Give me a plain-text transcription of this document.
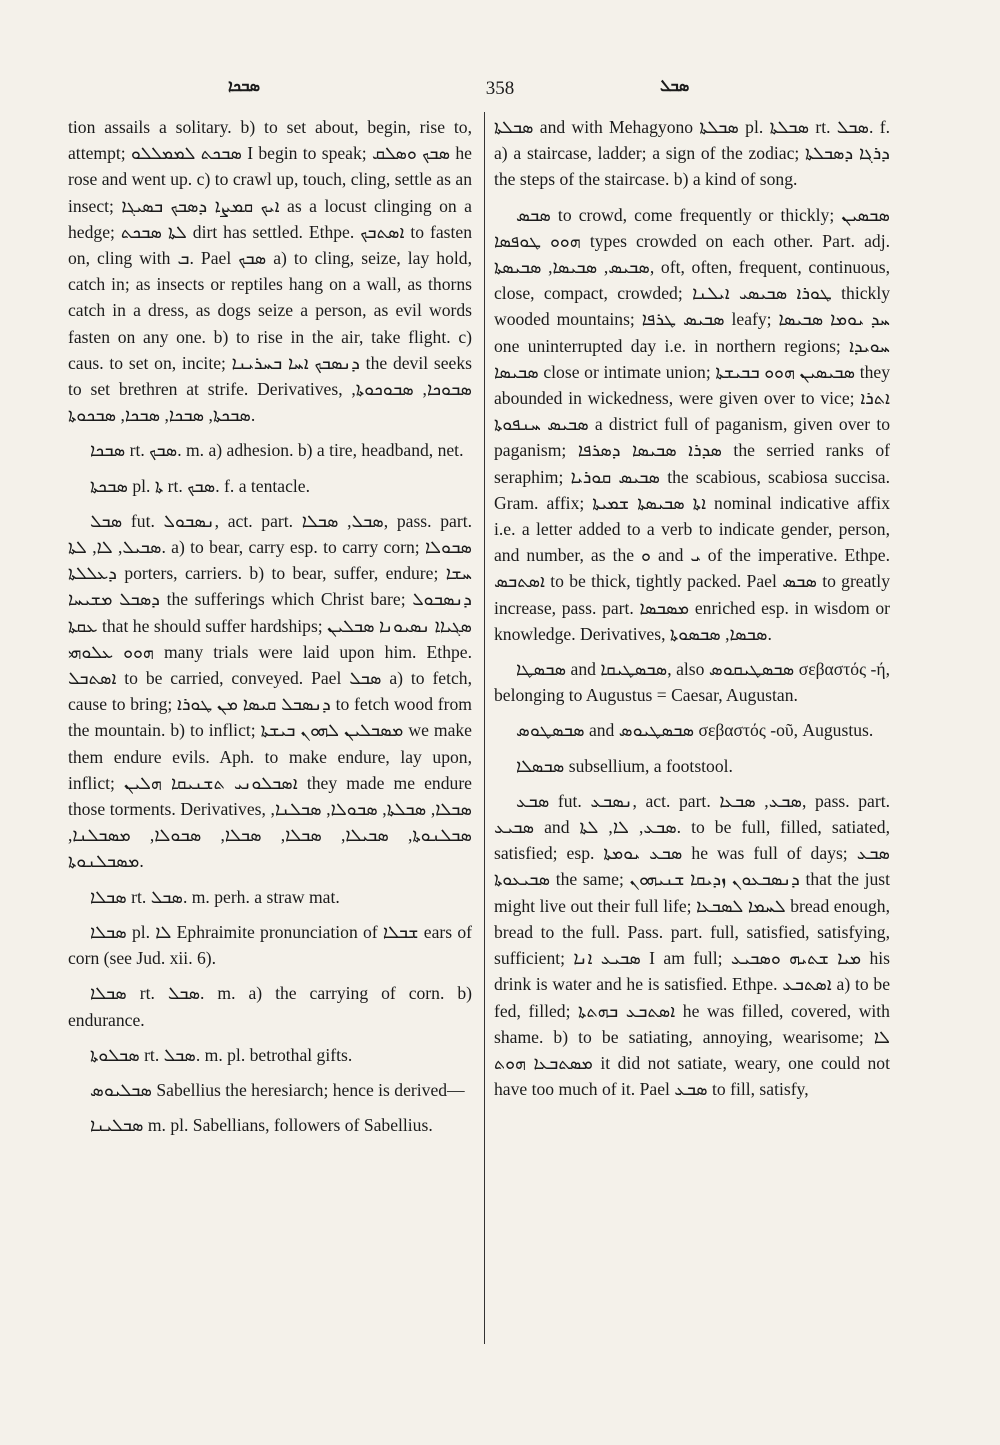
ܣܒܟܐ	358	ܣܒܠ

tion assails a solitary. b) to set about, begin, rise to, attempt; ܣܒܟܬ ܠܡܡܠܠܘ I begin to speak; ܣܒܟ ܘܣܠܩ he rose and went up. c) to crawl up, touch, cling, settle as an insect; ܐܝܟ ܩܡܨܐ ܕܣܒܟ ܒܣܝܓܐ as a locust clinging on a hedge; ܠܬܐ ܣܒܟܬ dirt has settled. Ethpe. ܐܣܬܒܟ to fasten on, cling with ܒ. Pael ܣܒܟ a) to cling, seize, lay hold, catch in; as insects or reptiles hang on a wall, as thorns catch in a dress, as dogs seize a person, as evil words fasten on any one. b) to rise in the air, take flight. c) caus. to set on, incite; ܕܢܣܒܟ ܐܚܐ ܒܚܪܝܢܐ the devil seeks to set brethren at strife. Derivatives, ܣܒܘܟܐ, ܣܒܘܟܘܬܐ, ܣܒܟܬܐ, ܣܒܟܐ, ܣܒܟܐ, ܣܒܟܘܬܐ.

ܣܒܟܐ rt. ܣܒܟ. m. a) adhesion. b) a tire, headband, net.

ܣܒܟܬܐ pl. ܬܐ rt. ܣܒܟ. f. a tentacle.

ܣܒܠ fut. ܢܣܒܘܠ, act. part. ܣܒܠ, ܣܒܠܐ, pass. part. ܣܒܝܠ, ܠܐ, ܠܬܐ. a) to bear, carry esp. to carry corn; ܣܒܘܠܐ ܕܥܠܠܬܐ porters, carriers. b) to bear, suffer, endure; ܚܫܐ ܕܣܒܠ ܡܫܝܚܐ the sufferings which Christ bare; ܕܢܣܒܘܠ ܥܩܬܐ that he should suffer hardships; ܣܓܝܐܐ ܢܣܝܘܢܐ ܣܒܠܝܢ ܗܘܘ ܥܠܘܗܝ many trials were laid upon him. Ethpe. ܐܣܬܒܠ to be carried, conveyed. Pael ܣܒܠ a) to fetch, cause to bring; ܕܢܣܒܠ ܩܝܣܐ ܡܢ ܛܘܪܐ to fetch wood from the mountain. b) to inflict; ܡܣܒܠܝܢ ܠܗܘܢ ܒܝܫܬܐ we make them endure evils. Aph. to make endure, lay upon, inflict; ܐܣܒܠܘܢܝ ܬܫܢܝܩܐ ܗܠܝܢ they made me endure those torments. Derivatives, ܣܒܠܐ, ܣܒܠܬܐ, ܣܒܘܠܐ, ܣܒܠܢܐ, ܣܒܠܢܘܬܐ, ܣܒܝܠܐ, ܣܒܠܐ, ܣܒܠܐ, ܣܒܘܠܐ, ܡܣܒܠܢܐ, ܡܣܒܠܢܘܬܐ.

ܣܒܠܐ rt. ܣܒܠ. m. perh. a straw mat.

ܣܒܠܐ pl. ܠܐ Ephraimite pronunciation of ܫܒܠܐ ears of corn (see Jud. xii. 6).

ܣܒܠܐ rt. ܣܒܠ. m. a) the carrying of corn. b) endurance.

ܣܒܠܘܬܐ rt. ܣܒܠ. m. pl. betrothal gifts.

ܣܒܠܝܘܣ Sabellius the heresiarch; hence is derived—

ܣܒܠܝܢܐ m. pl. Sabellians, followers of Sabellius.

ܣܒܠܬܐ and with Mehagyono ܣܒܠܬܐ pl. ܣܒܠܬܐ rt. ܣܒܠ. f. a) a staircase, ladder; a sign of the zodiac; ܕܪܓܐ ܕܣܒܠܬܐ the steps of the staircase. b) a kind of song.

ܣܒܣ to crowd, come frequently or thickly; ܣܒܣܝܢ ܗܘܘ ܛܘܦܣܐ types crowded on each other. Part. adj. ܣܒܝܣ, ܣܒܝܣܐ, ܣܒܝܣܬܐ, oft, often, frequent, continuous, close, compact, crowded; ܛܘܪܐ ܣܒܝܣܝ ܐܝܠܢܐ thickly wooded mountains; ܣܒܝܣ ܛܪܦܐ leafy; ܚܕ ܝܘܡܐ ܣܒܝܣܐ one uninterrupted day i.e. in northern regions; ܚܘܝܕܐ ܣܒܝܣܐ close or intimate union; ܣܒܝܣܝܢ ܗܘܘ ܒܒܝܫܬܐ they abounded in wickedness, were given over to vice; ܐܬܪܐ ܣܒܝܣ ܚܢܦܘܬܐ a district full of paganism, given over to paganism; ܣܕܪܐ ܣܒܝܣܐ ܕܣܪܦܐ the serried ranks of seraphim; ܣܒܝܣ ܩܘܪܝܐ the scabious, scabiosa succisa. Gram. affix; ܐܬܐ ܣܒܝܣܬܐ ܫܡܝܬܐ nominal indicative affix i.e. a letter added to a verb to indicate gender, person, and number, as the ܘ and ܝ of the imperative. Ethpe. ܐܣܬܒܣ to be thick, tightly packed. Pael ܣܒܣ to greatly increase, pass. part. ܡܣܒܣܐ enriched esp. in wisdom or knowledge. Derivatives, ܣܒܣܐ, ܣܒܣܘܬܐ.

ܣܒܣܛܐ and ܣܒܣܛܝܩܐ, also ܣܒܣܛܝܩܘܣ σεβαστός -ή, belonging to Augustus = Caesar, Augustan.

ܣܒܣܛܘܣ and ܣܒܣܛܝܘܣ σεβαστός -οῦ, Augustus.

ܣܒܣܠܐ subsellium, a footstool.

ܣܒܥ fut. ܢܣܒܥ, act. part. ܣܒܥ, ܣܒܥܐ, pass. part. ܣܒܝܥ and ܣܒܥ, ܠܐ, ܠܬܐ. to be full, filled, satiated, satisfied; esp. ܣܒܥ ܝܘܡܬܐ he was full of days; ܣܒܥ ܣܒܝܥܘܬܐ the same; ܕܢܣܒܥܘܢ ܙܕܝܩܐ ܫܢܝܗܘܢ that the just might live out their full life; ܠܚܡܐ ܠܣܒܥܐ bread enough, bread to the full. Pass. part. full, satisfied, satisfying, sufficient; ܣܒܝܥ ܐܢܐ I am full; ܡܝܐ ܫܬܝܗ ܘܣܒܝܥ his drink is water and he is satisfied. Ethpe. ܐܣܬܒܥ a) to be fed, filled; ܐܣܬܒܥ ܒܗܬܬܐ he was filled, covered, with shame. b) to be satiating, annoying, wearisome; ܠܐ ܡܣܬܒܥܐ ܗܘܬ it did not satiate, weary, one could not have too much of it. Pael ܣܒܥ to fill, satisfy,
